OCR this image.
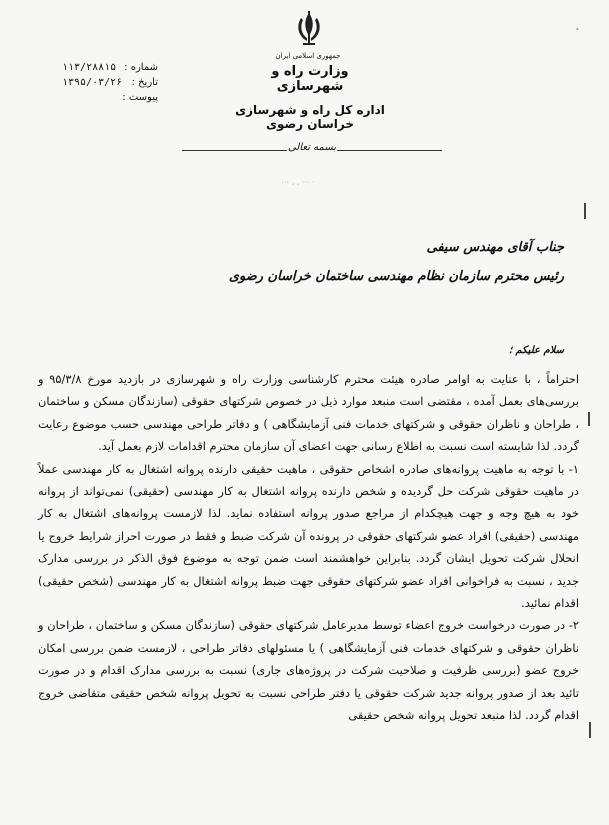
جمهوری اسلامی ایران
وزارت راه و شهرسازی
اداره کل راه و شهرسازی خراسان رضوی
بسمه تعالی
ꞏ
شماره :
۱۱۳/۲۸۸۱۵
تاریخ :
۱۳۹۵/۰۳/۲۶
پیوست :
··· ، ، ··· ·
جناب آقای مهندس سیفی
رئیس محترم سازمان نظام مهندسی ساختمان خراسان رضوی
سلام علیکم ؛

احتراماً ، با عنایت به اوامر صادره هیئت محترم کارشناسی وزارت راه و شهرسازی در بازدید مورخ ۹۵/۳/۸ و بررسی‌های بعمل آمده ، مقتضی است منبعد موارد ذیل در خصوص شرکتهای حقوقی (سازندگان مسکن و ساختمان ، طراحان و ناظران حقوقی و شرکتهای خدمات فنی آزمایشگاهی ) و دفاتر طراحی مهندسی حسب موضوع رعایت گردد. لذا شایسته است نسبت به اطلاع رسانی جهت اعضای آن سازمان محترم اقدامات لازم بعمل آید.

۱- با توجه به ماهیت پروانه‌های صادره اشخاص حقوقی ، ماهیت حقیقی دارنده پروانه اشتغال به کار مهندسی عملاً در ماهیت حقوقی شرکت حل گردیده و شخص دارنده پروانه اشتغال به کار مهندسی (حقیقی) نمی‌تواند از پروانه خود به هیچ وجه و جهت هیچکدام از مراجع صدور پروانه استفاده نماید. لذا لازمست پروانه‌های اشتغال به کار مهندسی (حقیقی) افراد عضو شرکتهای حقوقی در پرونده آن شرکت ضبط و فقط در صورت احراز شرایط خروج یا انحلال شرکت تحویل ایشان گردد. بنابراین خواهشمند است ضمن توجه به موضوع فوق الذکر در بررسی مدارک جدید ، نسبت به فراخوانی افراد عضو شرکتهای حقوقی جهت ضبط پروانه اشتغال به کار مهندسی (شخص حقیقی) اقدام نمائید.

۲- در صورت درخواست خروج اعضاء توسط مدیرعامل شرکتهای حقوقی (سازندگان مسکن و ساختمان ، طراحان و ناظران حقوقی و شرکتهای خدمات فنی آزمایشگاهی ) یا مسئولهای دفاتر طراحی ، لازمست ضمن بررسی امکان خروج عضو (بررسی ظرفیت و صلاحیت شرکت در پروژه‌های جاری) نسبت به بررسی مدارک اقدام و در صورت تائید بعد از صدور پروانه جدید شرکت حقوقی یا دفتر طراحی نسبت به تحویل پروانه شخص حقیقی متقاضی خروج اقدام گردد. لذا منبعد تحویل پروانه شخص حقیقی
